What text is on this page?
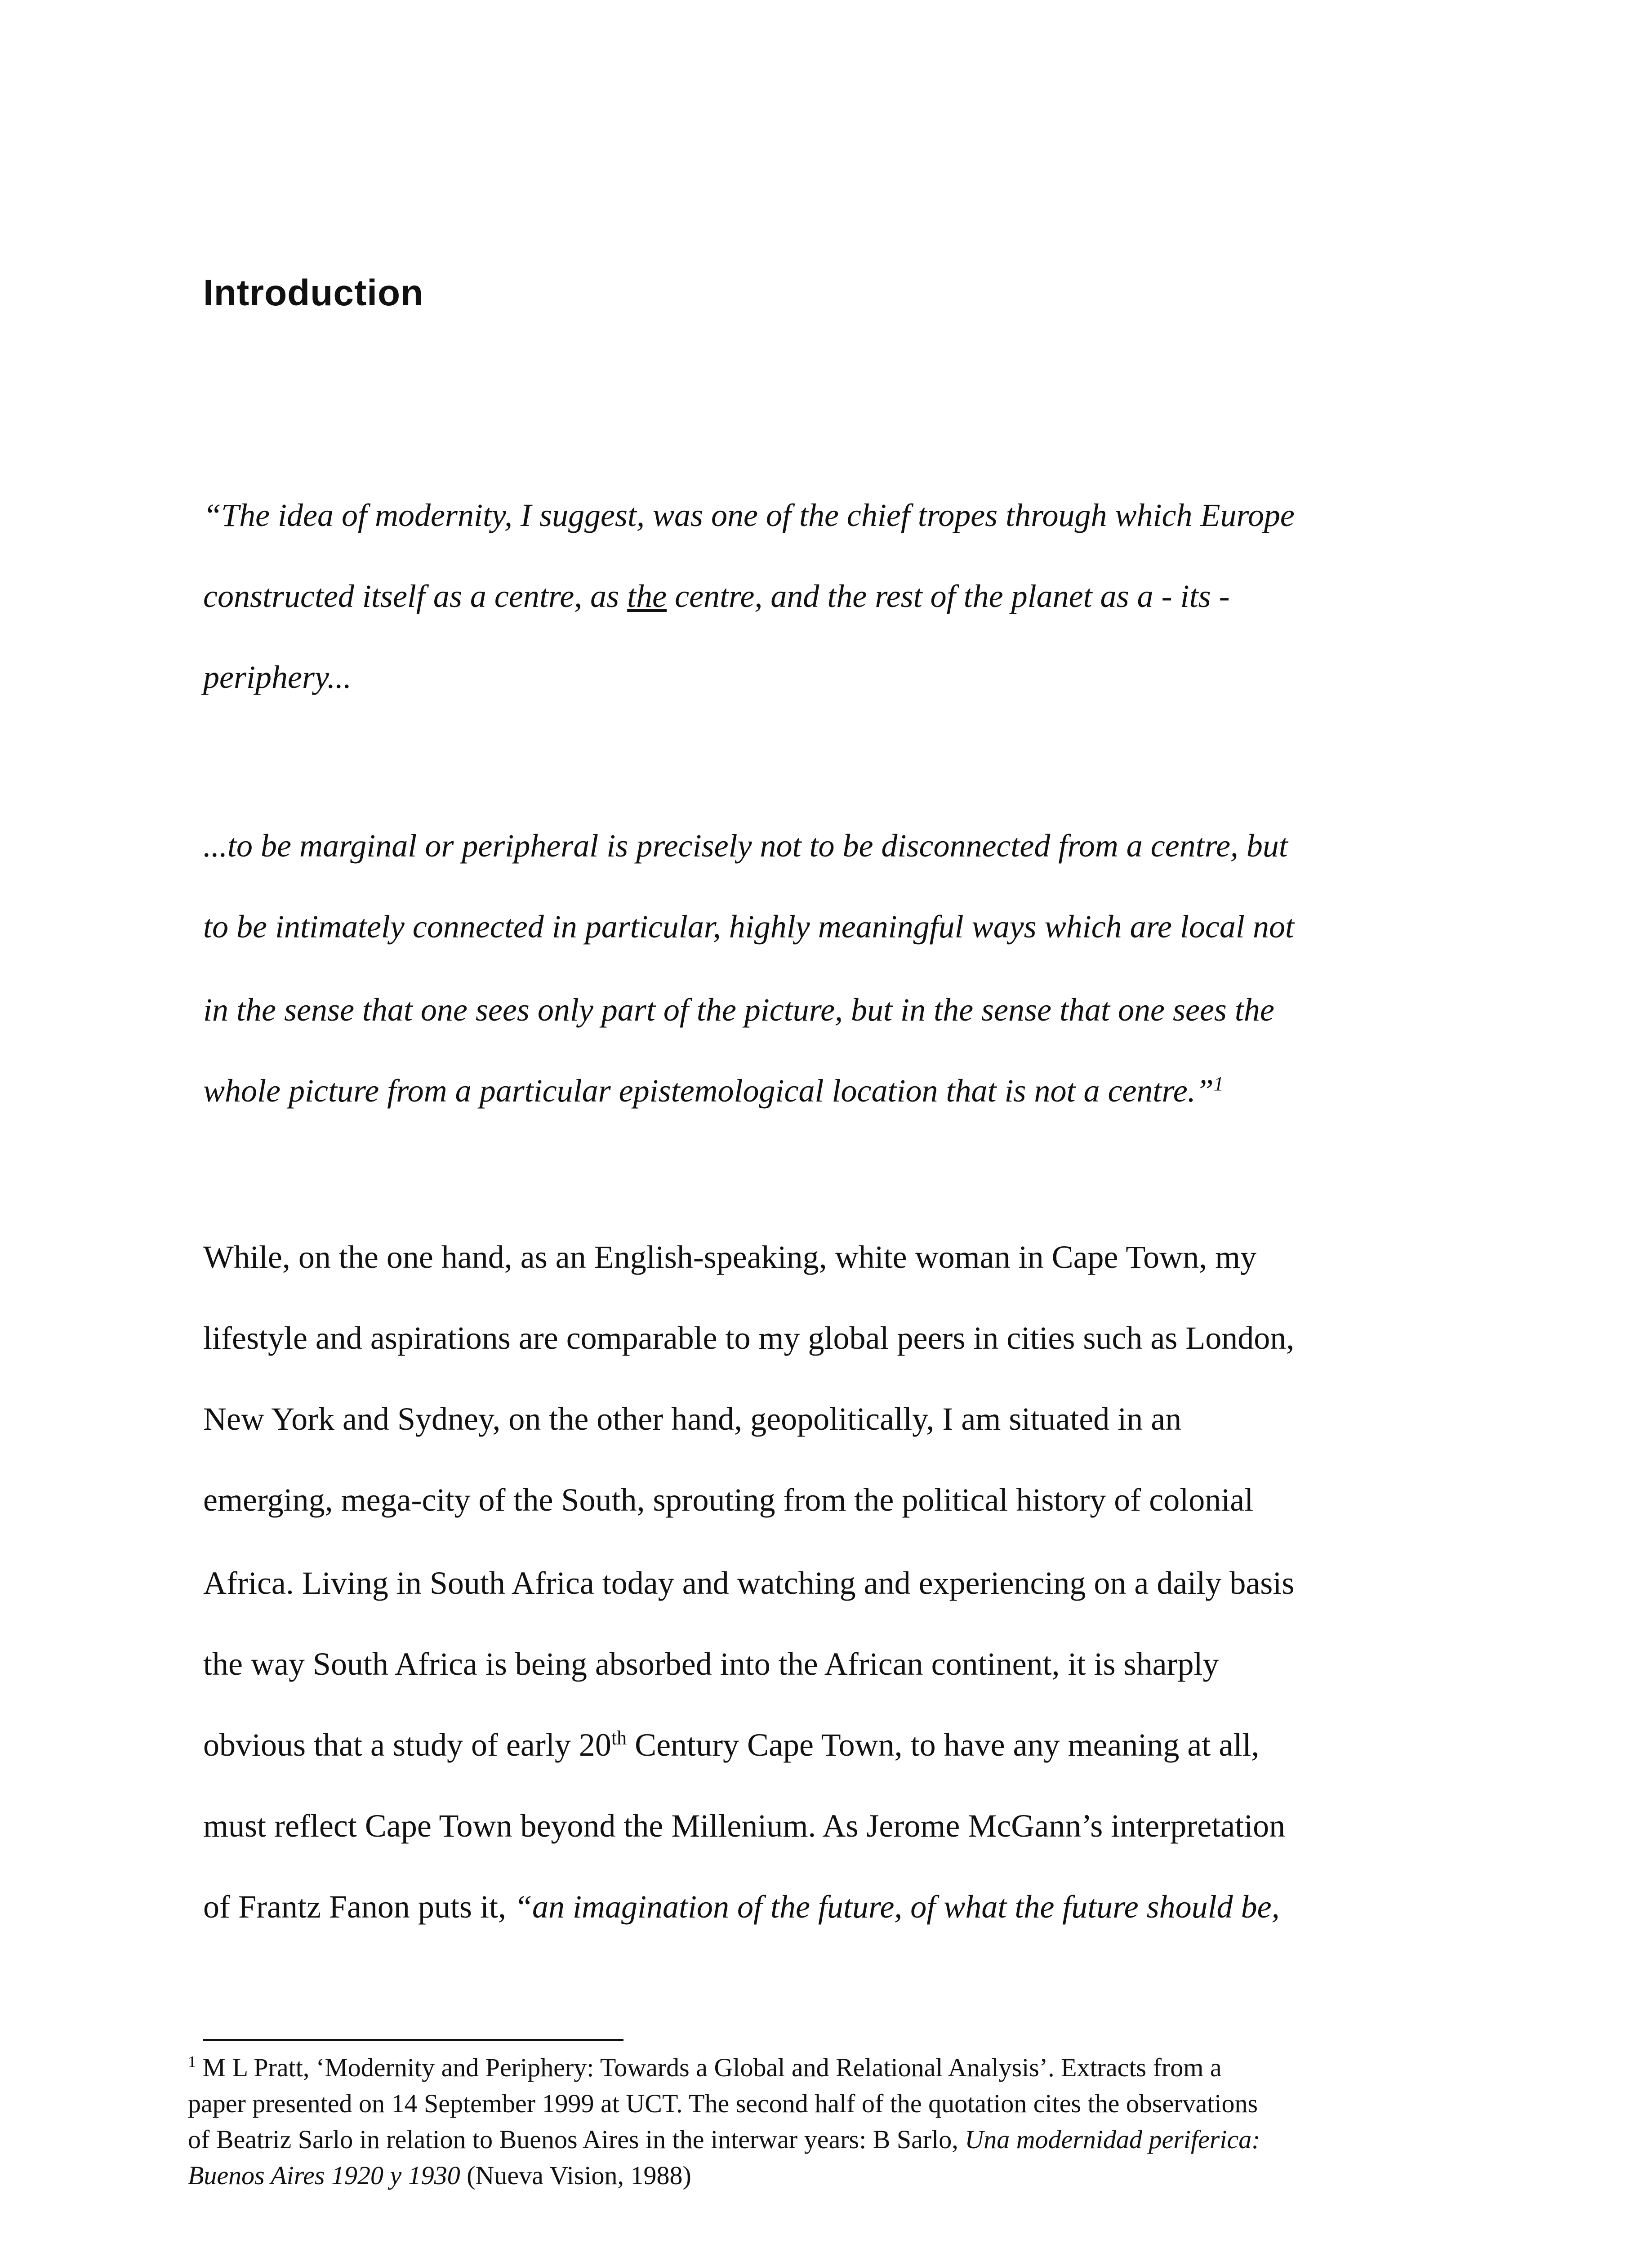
Introduction
“The idea of modernity, I suggest, was one of the chief tropes through which Europe
constructed itself as a centre, as the centre, and the rest of the planet as a - its -
periphery...
...to be marginal or peripheral is precisely not to be disconnected from a centre, but
to be intimately connected in particular, highly meaningful ways which are local not
in the sense that one sees only part of the picture, but in the sense that one sees the
whole picture from a particular epistemological location that is not a centre.”$^1$
While, on the one hand, as an English-speaking, white woman in Cape Town, my
lifestyle and aspirations are comparable to my global peers in cities such as London,
New York and Sydney, on the other hand, geopolitically, I am situated in an
emerging, mega-city of the South, sprouting from the political history of colonial
Africa. Living in South Africa today and watching and experiencing on a daily basis
the way South Africa is being absorbed into the African continent, it is sharply
obvious that a study of early 20th Century Cape Town, to have any meaning at all,
must reflect Cape Town beyond the Millenium. As Jerome McGann’s interpretation
of Frantz Fanon puts it, “an imagination of the future, of what the future should be,
$^1$ M L Pratt, ‘Modernity and Periphery: Towards a Global and Relational Analysis’. Extracts from a
paper presented on 14 September 1999 at UCT. The second half of the quotation cites the observations
of Beatriz Sarlo in relation to Buenos Aires in the interwar years: B Sarlo, Una modernidad periferica:
Buenos Aires 1920 y 1930 (Nueva Vision, 1988)
